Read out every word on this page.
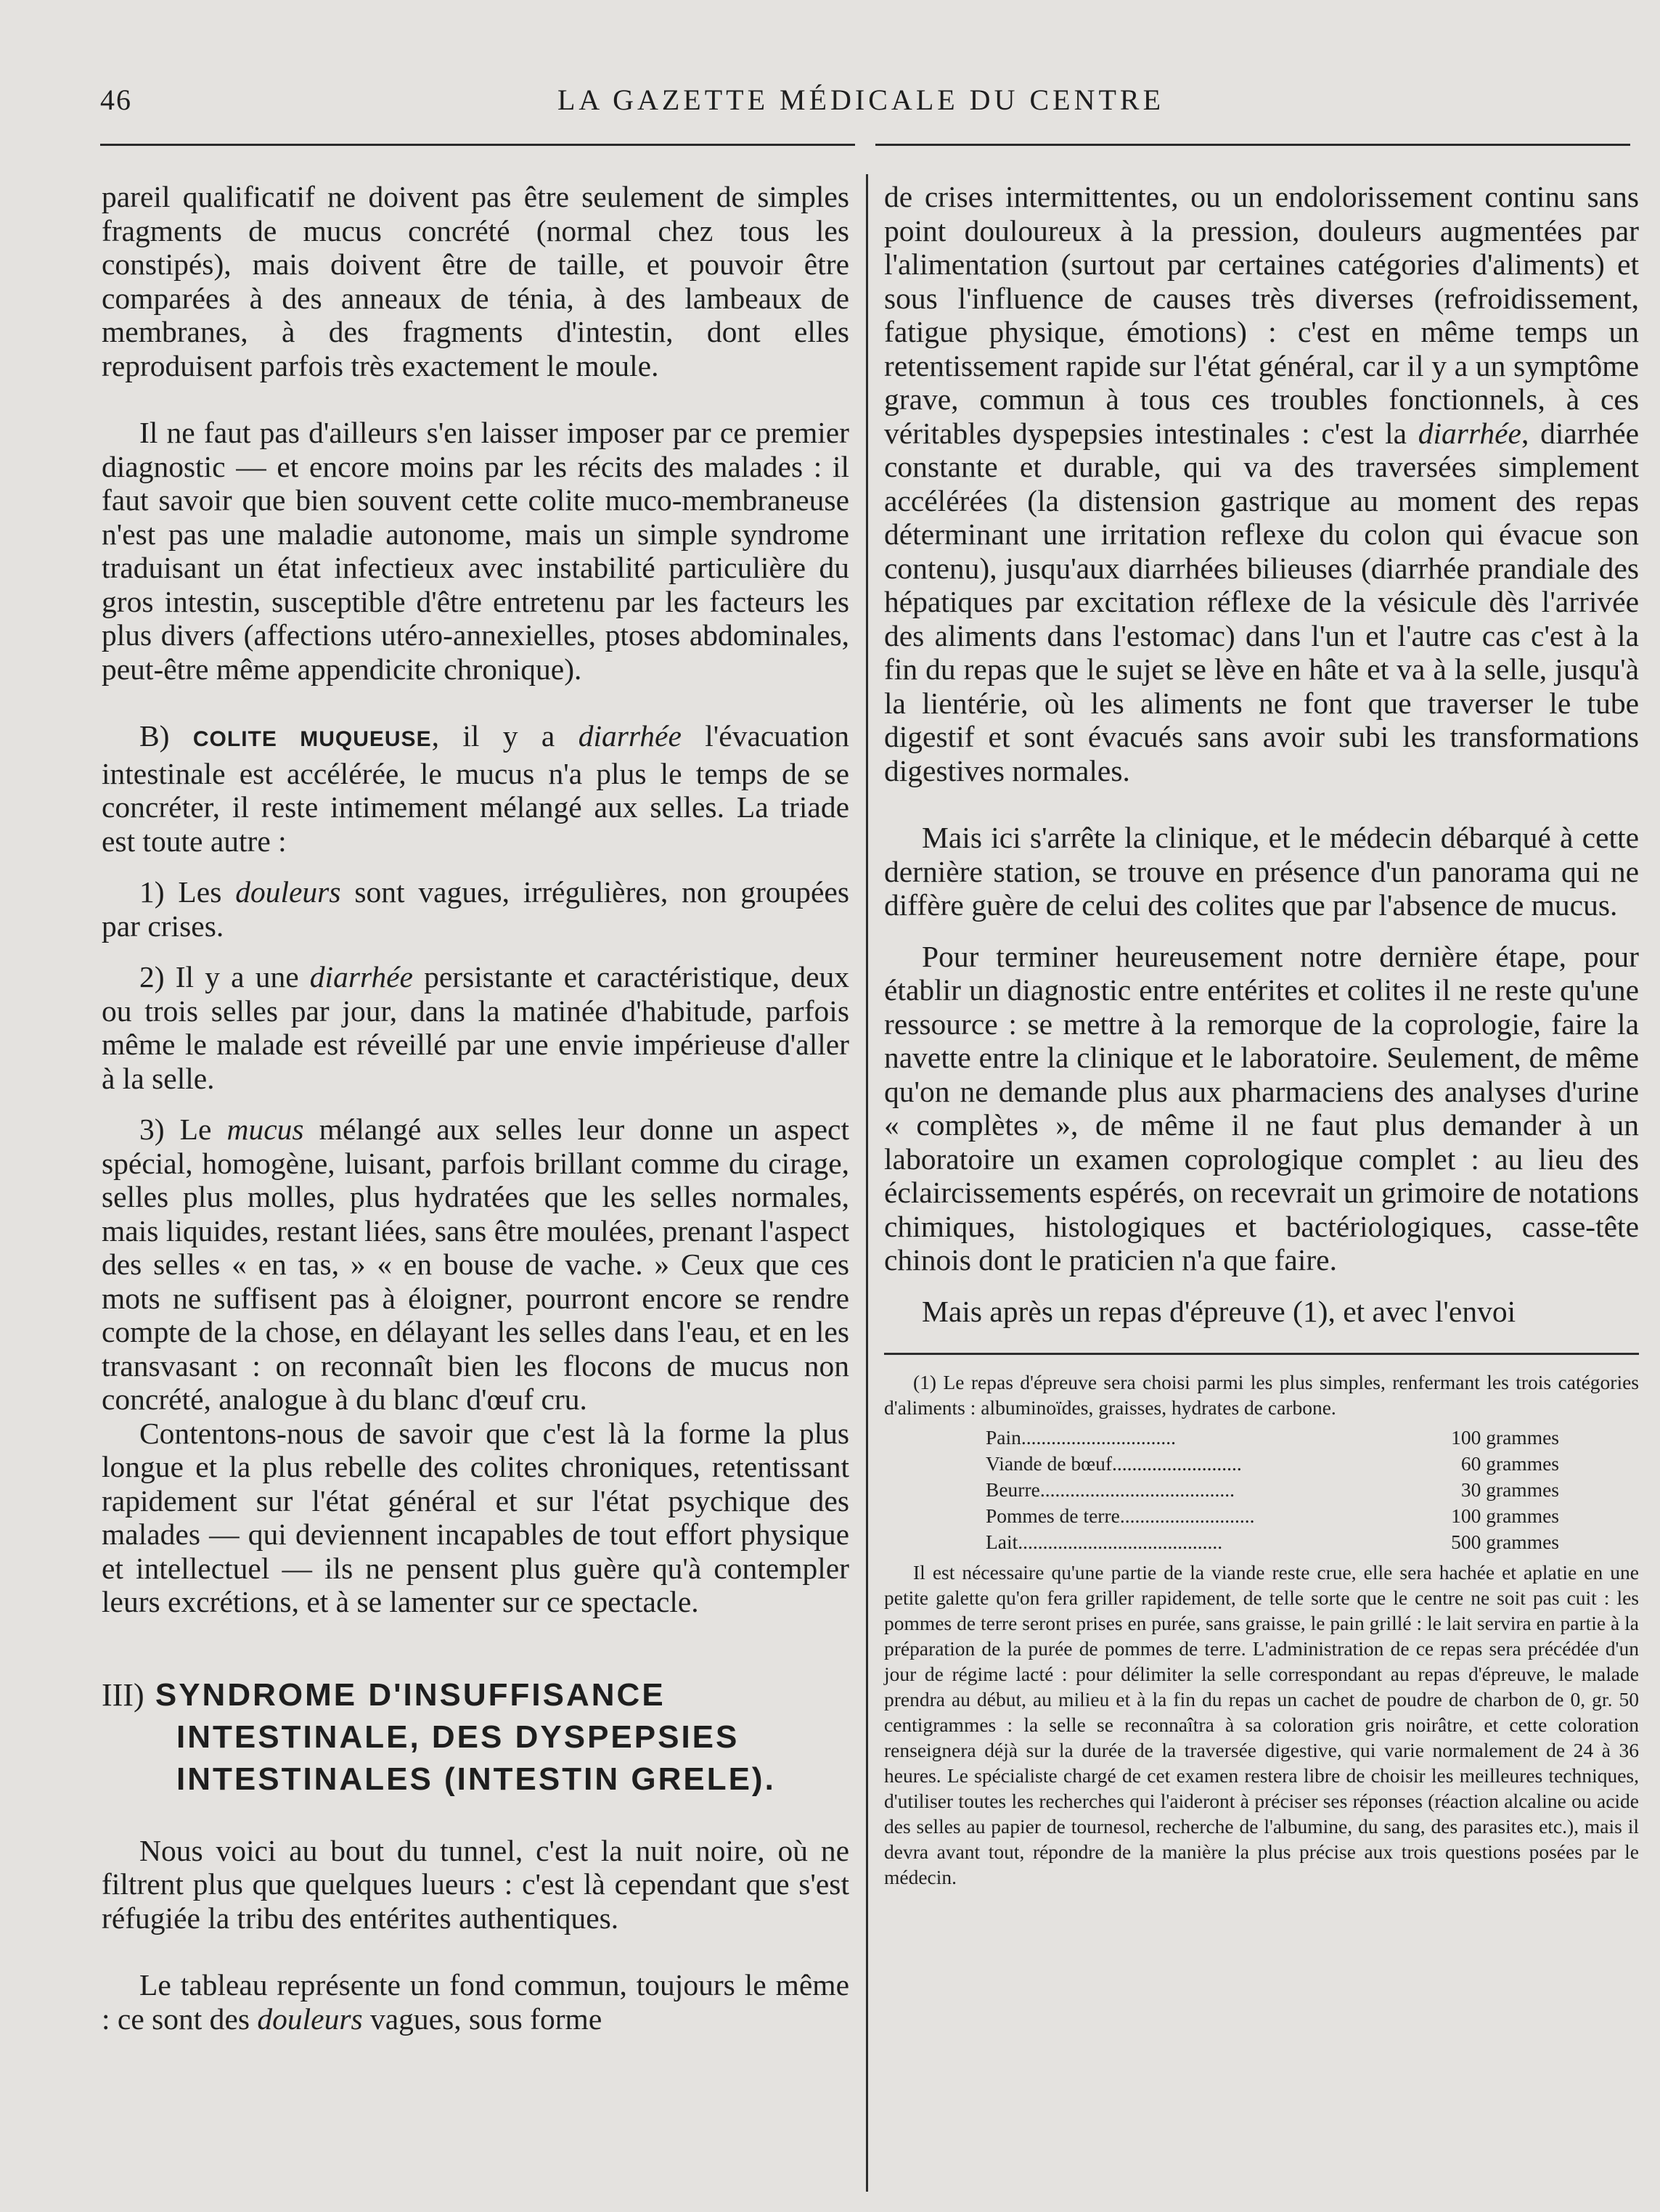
46	LA GAZETTE MÉDICALE DU CENTRE

pareil qualificatif ne doivent pas être seulement de simples fragments de mucus concrété (normal chez tous les constipés), mais doivent être de taille, et pouvoir être comparées à des anneaux de ténia, à des lambeaux de membranes, à des fragments d'intestin, dont elles reproduisent parfois très exactement le moule.

Il ne faut pas d'ailleurs s'en laisser imposer par ce premier diagnostic — et encore moins par les récits des malades : il faut savoir que bien souvent cette colite muco-membraneuse n'est pas une maladie autonome, mais un simple syndrome traduisant un état infectieux avec instabilité particulière du gros intestin, susceptible d'être entretenu par les facteurs les plus divers (affections utéro-annexielles, ptoses abdominales, peut-être même appendicite chronique).

B) COLITE MUQUEUSE, il y a diarrhée l'évacuation intestinale est accélérée, le mucus n'a plus le temps de se concréter, il reste intimement mélangé aux selles. La triade est toute autre :

1) Les douleurs sont vagues, irrégulières, non groupées par crises.

2) Il y a une diarrhée persistante et caractéristique, deux ou trois selles par jour, dans la matinée d'habitude, parfois même le malade est réveillé par une envie impérieuse d'aller à la selle.

3) Le mucus mélangé aux selles leur donne un aspect spécial, homogène, luisant, parfois brillant comme du cirage, selles plus molles, plus hydratées que les selles normales, mais liquides, restant liées, sans être moulées, prenant l'aspect des selles « en tas, » « en bouse de vache. » Ceux que ces mots ne suffisent pas à éloigner, pourront encore se rendre compte de la chose, en délayant les selles dans l'eau, et en les transvasant : on reconnaît bien les flocons de mucus non concrété, analogue à du blanc d'œuf cru.

Contentons-nous de savoir que c'est là la forme la plus longue et la plus rebelle des colites chroniques, retentissant rapidement sur l'état général et sur l'état psychique des malades — qui deviennent incapables de tout effort physique et intellectuel — ils ne pensent plus guère qu'à contempler leurs excrétions, et à se lamenter sur ce spectacle.

III) SYNDROME D'INSUFFISANCE
INTESTINALE, DES DYSPEPSIES
INTESTINALES (INTESTIN GRELE).

Nous voici au bout du tunnel, c'est la nuit noire, où ne filtrent plus que quelques lueurs : c'est là cependant que s'est réfugiée la tribu des entérites authentiques.

Le tableau représente un fond commun, toujours le même : ce sont des douleurs vagues, sous forme

de crises intermittentes, ou un endolorissement continu sans point douloureux à la pression, douleurs augmentées par l'alimentation (surtout par certaines catégories d'aliments) et sous l'influence de causes très diverses (refroidissement, fatigue physique, émotions) : c'est en même temps un retentissement rapide sur l'état général, car il y a un symptôme grave, commun à tous ces troubles fonctionnels, à ces véritables dyspepsies intestinales : c'est la diarrhée, diarrhée constante et durable, qui va des traversées simplement accélérées (la distension gastrique au moment des repas déterminant une irritation reflexe du colon qui évacue son contenu), jusqu'aux diarrhées bilieuses (diarrhée prandiale des hépatiques par excitation réflexe de la vésicule dès l'arrivée des aliments dans l'estomac) dans l'un et l'autre cas c'est à la fin du repas que le sujet se lève en hâte et va à la selle, jusqu'à la lientérie, où les aliments ne font que traverser le tube digestif et sont évacués sans avoir subi les transformations digestives normales.

Mais ici s'arrête la clinique, et le médecin débarqué à cette dernière station, se trouve en présence d'un panorama qui ne diffère guère de celui des colites que par l'absence de mucus.

Pour terminer heureusement notre dernière étape, pour établir un diagnostic entre entérites et colites il ne reste qu'une ressource : se mettre à la remorque de la coprologie, faire la navette entre la clinique et le laboratoire. Seulement, de même qu'on ne demande plus aux pharmaciens des analyses d'urine « complètes », de même il ne faut plus demander à un laboratoire un examen coprologique complet : au lieu des éclaircissements espérés, on recevrait un grimoire de notations chimiques, histologiques et bactériologiques, casse-tête chinois dont le praticien n'a que faire.

Mais après un repas d'épreuve (1), et avec l'envoi

(1) Le repas d'épreuve sera choisi parmi les plus simples, renfermant les trois catégories d'aliments : albuminoïdes, graisses, hydrates de carbone.

Pain...............................	100 grammes
Viande de bœuf..........................	60 grammes
Beurre.......................................	30 grammes
Pommes de terre...........................	100 grammes
Lait.........................................	500 grammes

Il est nécessaire qu'une partie de la viande reste crue, elle sera hachée et aplatie en une petite galette qu'on fera griller rapidement, de telle sorte que le centre ne soit pas cuit : les pommes de terre seront prises en purée, sans graisse, le pain grillé : le lait servira en partie à la préparation de la purée de pommes de terre. L'administration de ce repas sera précédée d'un jour de régime lacté : pour délimiter la selle correspondant au repas d'épreuve, le malade prendra au début, au milieu et à la fin du repas un cachet de poudre de charbon de 0, gr. 50 centigrammes : la selle se reconnaîtra à sa coloration gris noirâtre, et cette coloration renseignera déjà sur la durée de la traversée digestive, qui varie normalement de 24 à 36 heures. Le spécialiste chargé de cet examen restera libre de choisir les meilleures techniques, d'utiliser toutes les recherches qui l'aideront à préciser ses réponses (réaction alcaline ou acide des selles au papier de tournesol, recherche de l'albumine, du sang, des parasites etc.), mais il devra avant tout, répondre de la manière la plus précise aux trois questions posées par le médecin.
